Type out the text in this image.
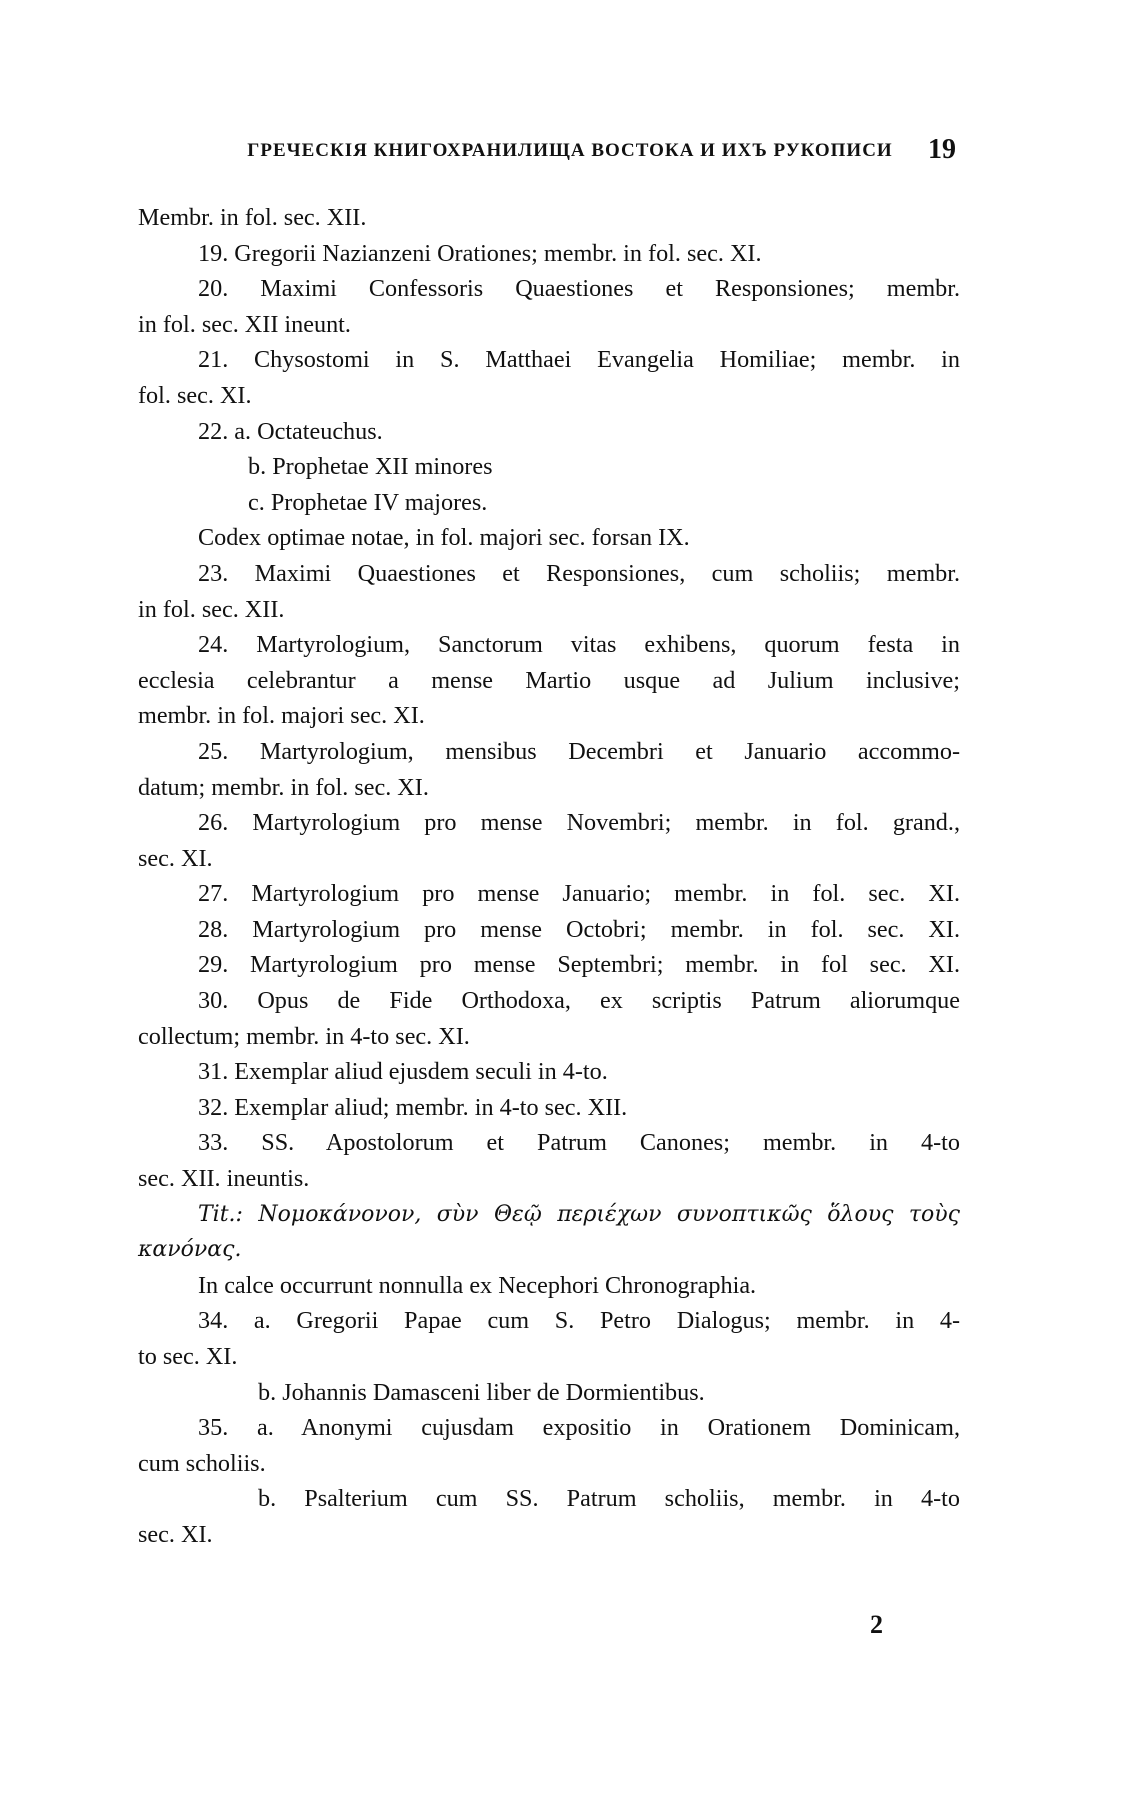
ГРЕЧЕСКІЯ КНИГОХРАНИЛИЩА ВОСТОКА И ИХЪ РУКОПИСИ	19
Membr. in fol. sec. XII.
19. Gregorii Nazianzeni Orationes; membr. in fol. sec. XI.
20. Maximi Confessoris Quaestiones et Responsiones; membr.
in fol. sec. XII ineunt.
21. Chysostomi in S. Matthaei Evangelia Homiliae; membr. in
fol. sec. XI.
22. a. Octateuchus.
b. Prophetae XII minores
c. Prophetae IV majores.
Codex optimae notae, in fol. majori sec. forsan IX.
23. Maximi Quaestiones et Responsiones, cum scholiis; membr.
in fol. sec. XII.
24. Martyrologium, Sanctorum vitas exhibens, quorum festa in
ecclesia celebrantur a mense Martio usque ad Julium inclusive;
membr. in fol. majori sec. XI.
25. Martyrologium, mensibus Decembri et Januario accommo-
datum; membr. in fol. sec. XI.
26. Martyrologium pro mense Novembri; membr. in fol. grand.,
sec. XI.
27. Martyrologium pro mense Januario; membr. in fol. sec. XI.
28. Martyrologium pro mense Octobri; membr. in fol. sec. XI.
29. Martyrologium pro mense Septembri; membr. in fol sec. XI.
30. Opus de Fide Orthodoxa, ex scriptis Patrum aliorumque
collectum; membr. in 4-to sec. XI.
31. Exemplar aliud ejusdem seculi in 4-to.
32. Exemplar aliud; membr. in 4-to sec. XII.
33. SS. Apostolorum et Patrum Canones; membr. in 4-to
sec. XII. ineuntis.
Tit.: Νομοκάνονον, σὺν Θεῷ περιέχων συνοπτικῶς ὅλους τοὺς
κανόνας.
In calce occurrunt nonnulla ex Necephori Chronographia.
34. a. Gregorii Papae cum S. Petro Dialogus; membr. in 4-
to sec. XI.
b. Johannis Damasceni liber de Dormientibus.
35. a. Anonymi cujusdam expositio in Orationem Dominicam,
cum scholiis.
b. Psalterium cum SS. Patrum scholiis, membr. in 4-to
sec. XI.
2
